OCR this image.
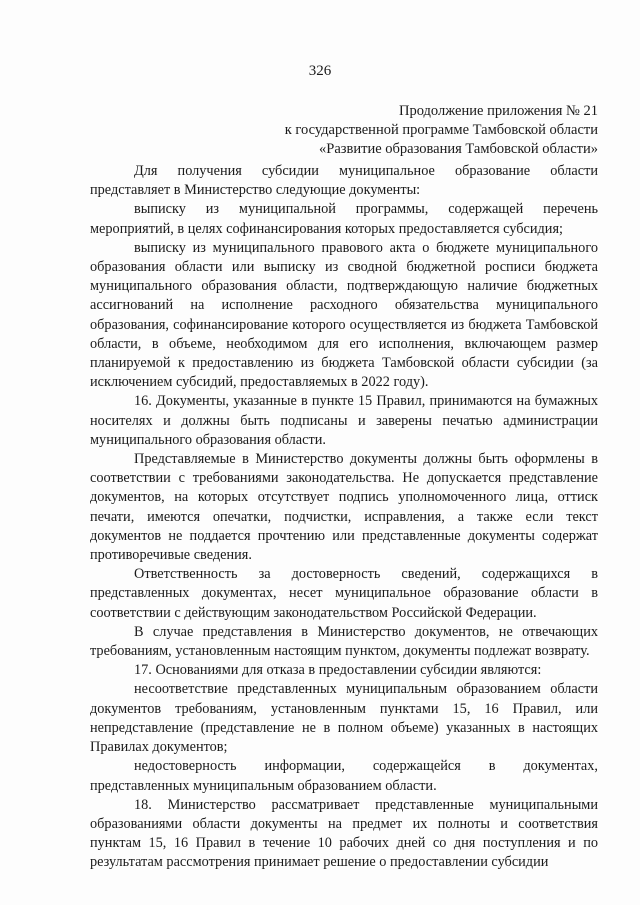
326
Продолжение приложения № 21
к государственной программе Тамбовской области
«Развитие образования Тамбовской области»

Для получения субсидии муниципальное образование области представляет в Министерство следующие документы:

выписку из муниципальной программы, содержащей перечень мероприятий, в целях софинансирования которых предоставляется субсидия;

выписку из муниципального правового акта о бюджете муниципального образования области или выписку из сводной бюджетной росписи бюджета муниципального образования области, подтверждающую наличие бюджетных ассигнований на исполнение расходного обязательства муниципального образования, софинансирование которого осуществляется из бюджета Тамбовской области, в объеме, необходимом для его исполнения, включающем размер планируемой к предоставлению из бюджета Тамбовской области субсидии (за исключением субсидий, предоставляемых в 2022 году).

16. Документы, указанные в пункте 15 Правил, принимаются на бумажных носителях и должны быть подписаны и заверены печатью администрации муниципального образования области.

Представляемые в Министерство документы должны быть оформлены в соответствии с требованиями законодательства. Не допускается представление документов, на которых отсутствует подпись уполномоченного лица, оттиск печати, имеются опечатки, подчистки, исправления, а также если текст документов не поддается прочтению или представленные документы содержат противоречивые сведения.

Ответственность за достоверность сведений, содержащихся в представленных документах, несет муниципальное образование области в соответствии с действующим законодательством Российской Федерации.

В случае представления в Министерство документов, не отвечающих требованиям, установленным настоящим пунктом, документы подлежат возврату.

17. Основаниями для отказа в предоставлении субсидии являются:

несоответствие представленных муниципальным образованием области документов требованиям, установленным пунктами 15, 16 Правил, или непредставление (представление не в полном объеме) указанных в настоящих Правилах документов;

недостоверность информации, содержащейся в документах, представленных муниципальным образованием области.

18. Министерство рассматривает представленные муниципальными образованиями области документы на предмет их полноты и соответствия пунктам 15, 16 Правил в течение 10 рабочих дней со дня поступления и по результатам рассмотрения принимает решение о предоставлении субсидии
